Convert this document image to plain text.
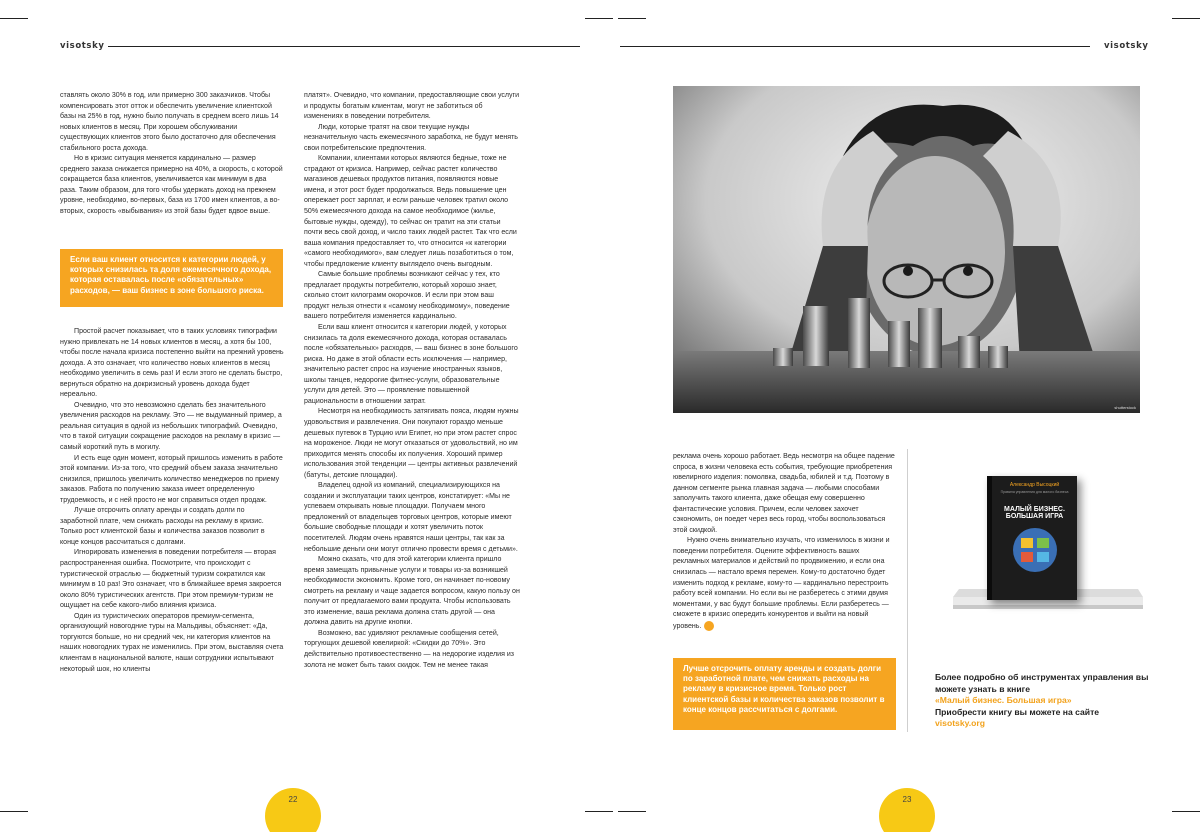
visotsky

ставлять около 30% в год, или примерно 300 заказчиков. Чтобы компенсировать этот отток и обеспечить увеличение клиентской базы на 25% в год, нужно было получать в среднем всего лишь 14 новых клиентов в месяц. При хорошем обслуживании существующих клиентов этого было достаточно для обеспечения стабильного роста дохода.

Но в кризис ситуация меняется кардинально — размер среднего заказа снижается примерно на 40%, а скорость, с которой сокращается база клиентов, увеличивается как минимум в два раза. Таким образом, для того чтобы удержать доход на прежнем уровне, необходимо, во-первых, база из 1700 имен клиентов, а во-вторых, скорость «выбывания» из этой базы будет вдвое выше.

Если ваш клиент относится к категории людей, у которых снизилась та доля ежемесячного дохода, которая оставалась после «обязательных» расходов, — ваш бизнес в зоне большого риска.

Простой расчет показывает, что в таких условиях типографии нужно привлекать не 14 новых клиентов в месяц, а хотя бы 100, чтобы после начала кризиса постепенно выйти на прежний уровень дохода. А это означает, что количество новых клиентов в месяц необходимо увеличить в семь раз! И если этого не сделать быстро, вернуться обратно на докризисный уровень дохода будет нереально.

Очевидно, что это невозможно сделать без значительного увеличения расходов на рекламу. Это — не выдуманный пример, а реальная ситуация в одной из небольших типографий. Очевидно, что в такой ситуации сокращение расходов на рекламу в кризис — самый короткий путь в могилу.

И есть еще один момент, который пришлось изменить в работе этой компании. Из-за того, что средний объем заказа значительно снизился, пришлось увеличить количество менеджеров по приему заказов. Работа по получению заказа имеет определенную трудоемкость, и с ней просто не мог справиться отдел продаж.

Лучше отсрочить оплату аренды и создать долги по заработной плате, чем снижать расходы на рекламу в кризис. Только рост клиентской базы и количества заказов позволит в конце концов рассчитаться с долгами.

Игнорировать изменения в поведении потребителя — вторая распространенная ошибка. Посмотрите, что происходит с туристической отраслью — бюджетный туризм сократился как минимум в 10 раз! Это означает, что в ближайшее время закроется около 80% туристических агентств. При этом премиум-туризм не ощущает на себе какого-либо влияния кризиса.

Один из туристических операторов премиум-сегмента, организующий новогодние туры на Мальдивы, объясняет: «Да, торгуются больше, но ни средний чек, ни категория клиентов на наших новогодних турах не изменились. При этом, выставляя счета клиентам в национальной валюте, наши сотрудники испытывают некоторый шок, но клиенты

платят». Очевидно, что компании, предоставляющие свои услуги и продукты богатым клиентам, могут не заботиться об изменениях в поведении потребителя.

Люди, которые тратят на свои текущие нужды незначительную часть ежемесячного заработка, не будут менять свои потребительские предпочтения.

Компании, клиентами которых являются бедные, тоже не страдают от кризиса. Например, сейчас растет количество магазинов дешевых продуктов питания, появляются новые имена, и этот рост будет продолжаться. Ведь повышение цен опережает рост зарплат, и если раньше человек тратил около 50% ежемесячного дохода на самое необходимое (жилье, бытовые нужды, одежду), то сейчас он тратит на эти статьи почти весь свой доход, и число таких людей растет. Так что если ваша компания предоставляет то, что относится «к категории «самого необходимого», вам следует лишь позаботиться о том, чтобы предложение клиенту выглядело очень выгодным.

Самые большие проблемы возникают сейчас у тех, кто предлагает продукты потребителю, который хорошо знает, сколько стоит килограмм окорочков. И если при этом ваш продукт нельзя отнести к «самому необходимому», поведение вашего потребителя изменяется кардинально.

Если ваш клиент относится к категории людей, у которых снизилась та доля ежемесячного дохода, которая оставалась после «обязательных» расходов, — ваш бизнес в зоне большого риска. Но даже в этой области есть исключения — например, значительно растет спрос на изучение иностранных языков, школы танцев, недорогие фитнес-услуги, образовательные услуги для детей. Это — проявление повышенной рациональности в отношении затрат.

Несмотря на необходимость затягивать пояса, людям нужны удовольствия и развлечения. Они покупают гораздо меньше дешевых путевок в Турцию или Египет, но при этом растет спрос на мороженое. Люди не могут отказаться от удовольствий, но им приходится менять способы их получения. Хороший пример использования этой тенденции — центры активных развлечений (батуты, детские площадки).

Владелец одной из компаний, специализирующихся на создании и эксплуатации таких центров, констатирует: «Мы не успеваем открывать новые площадки. Получаем много предложений от владельцев торговых центров, которые имеют большие свободные площади и хотят увеличить поток посетителей. Людям очень нравятся наши центры, так как за небольшие деньги они могут отлично провести время с детьми».

Можно сказать, что для этой категории клиента пришло время замещать привычные услуги и товары из-за возникшей необходимости экономить. Кроме того, он начинает по-новому смотреть на рекламу и чаще задается вопросом, какую пользу он получит от предлагаемого вами продукта. Чтобы использовать это изменение, ваша реклама должна стать другой — она должна давить на другие кнопки.

Возможно, вас удивляют рекламные сообщения сетей, торгующих дешевой ювелиркой: «Скидки до 70%». Это действительно противоестественно — на недорогие изделия из золота не может быть таких скидок. Тем не менее такая

22
visotsky
shutterstock

реклама очень хорошо работает. Ведь несмотря на общее падение спроса, в жизни человека есть события, требующие приобретения ювелирного изделия: помолвка, свадьба, юбилей и т.д. Поэтому в данном сегменте рынка главная задача — любыми способами заполучить такого клиента, даже обещая ему совершенно фантастические условия. Причем, если человек захочет сэкономить, он поедет через весь город, чтобы воспользоваться этой скидкой.

Нужно очень внимательно изучать, что изменилось в жизни и поведении потребителя. Оцените эффективность ваших рекламных материалов и действий по продвижению, и если она снизилась — настало время перемен. Кому-то достаточно будет изменить подход к рекламе, кому-то — кардинально перестроить работу всей компании. Но если вы не разберетесь с этими двумя моментами, у вас будут большие проблемы. Если разберетесь — сможете в кризис опередить конкурентов и выйти на новый уровень. V

Лучше отсрочить оплату аренды и создать долги по заработной плате, чем снижать расходы на рекламу в кризисное время. Только рост клиентской базы и количества заказов позволит в конце концов рассчитаться с долгами.
Александр Высоцкий
Правила управления для малого бизнеса
МАЛЫЙ БИЗНЕС.
БОЛЬШАЯ ИГРА
Более подробно об инструментах управления вы можете узнать в книге
«Малый бизнес. Большая игра»
Приобрести книгу вы можете на сайте
visotsky.org
23
